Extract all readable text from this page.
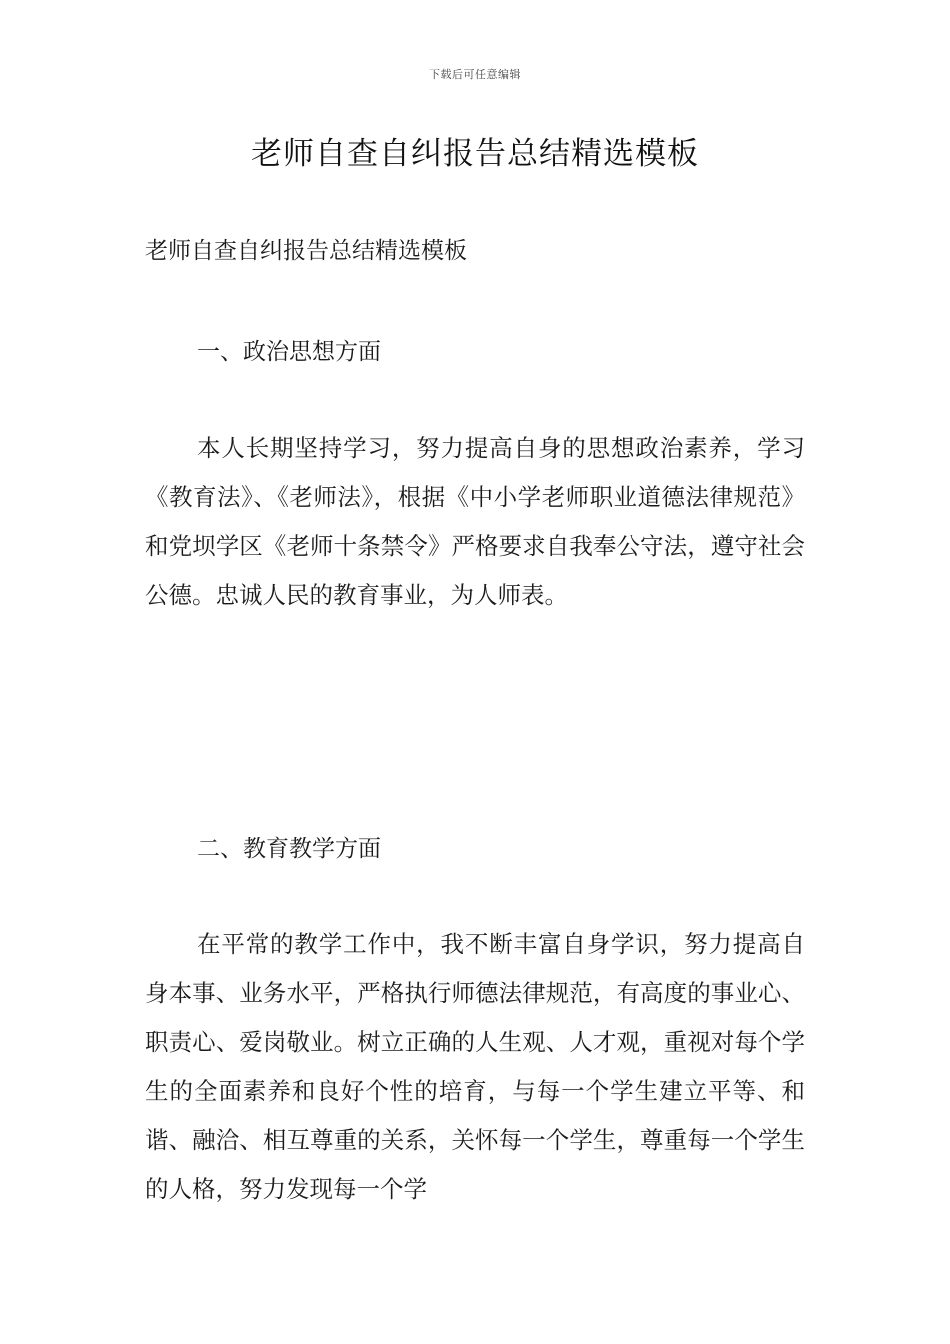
下载后可任意编辑
老师自查自纠报告总结精选模板
老师自查自纠报告总结精选模板
一、政治思想方面

本人长期坚持学习，努力提高自身的思想政治素养，学习《教育法》、《老师法》，根据《中小学老师职业道德法律规范》和党坝学区《老师十条禁令》严格要求自我奉公守法，遵守社会公德。忠诚人民的教育事业，为人师表。

二、教育教学方面

在平常的教学工作中，我不断丰富自身学识，努力提高自身本事、业务水平，严格执行师德法律规范，有高度的事业心、职责心、爱岗敬业。树立正确的人生观、人才观，重视对每个学生的全面素养和良好个性的培育，与每一个学生建立平等、和谐、融洽、相互尊重的关系，关怀每一个学生，尊重每一个学生的人格，努力发现每一个学
